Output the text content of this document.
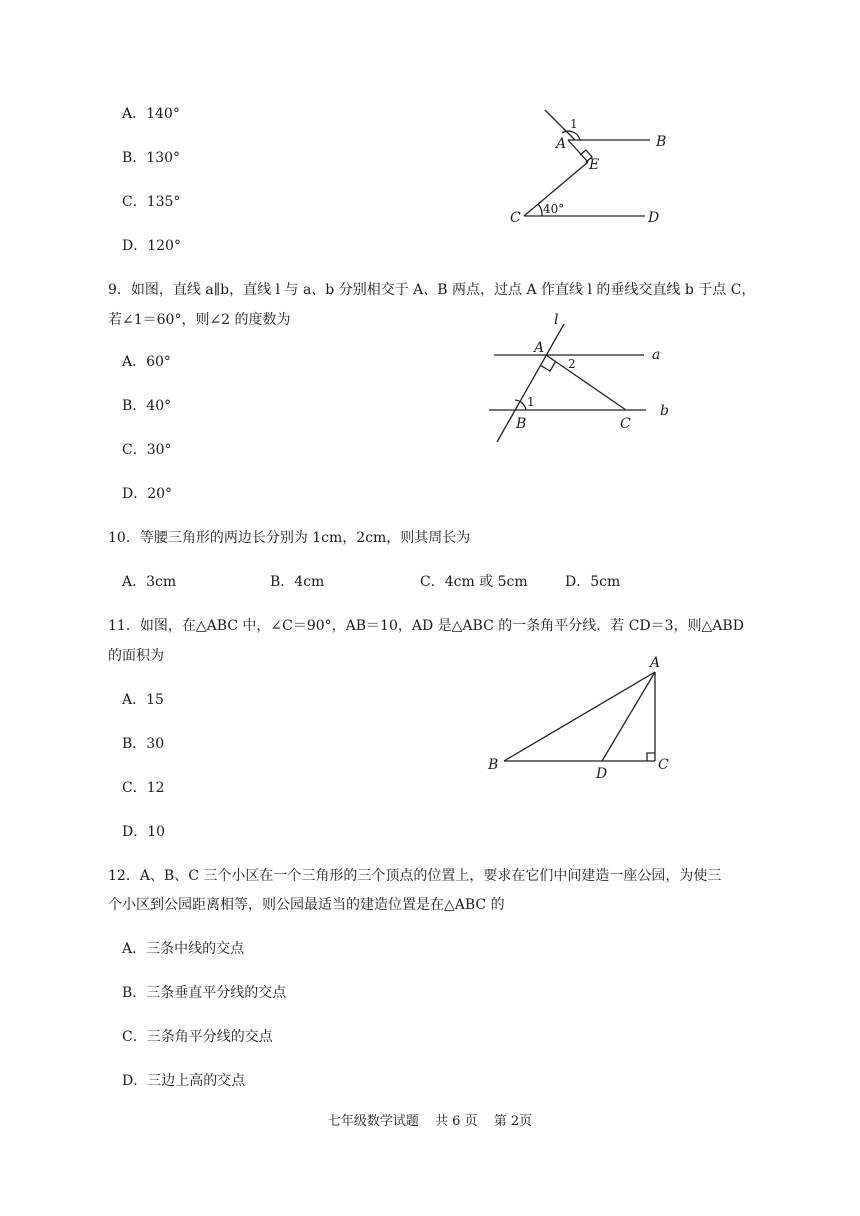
A．140°
B．130°
C．135°
D．120°
1
A	B
E
C
40°
D
9．如图，直线 a∥b，直线 l 与 a、b 分别相交于 A、B 两点，过点 A 作直线 l 的垂线交直线 b 于点 C，
若∠1＝60°，则∠2 的度数为
A．60°
B．40°
C．30°
D．20°
l
A
2
a
1
B	C
b
10．等腰三角形的两边长分别为 1cm，2cm，则其周长为
A．3cm	B．4cm	C．4cm 或 5cm	D．5cm
11．如图，在△ABC 中，∠C＝90°，AB＝10，AD 是△ABC 的一条角平分线．若 CD＝3，则△ABD
的面积为
A．15
B．30
C．12
D．10
A
B
D
C
12．A、B、C 三个小区在一个三角形的三个顶点的位置上，要求在它们中间建造一座公园，为使三
个小区到公园距离相等，则公园最适当的建造位置是在△ABC 的
A．三条中线的交点
B．三条垂直平分线的交点
C．三条角平分线的交点
D．三边上高的交点
七年级数学试题 共 6 页 第 2页
